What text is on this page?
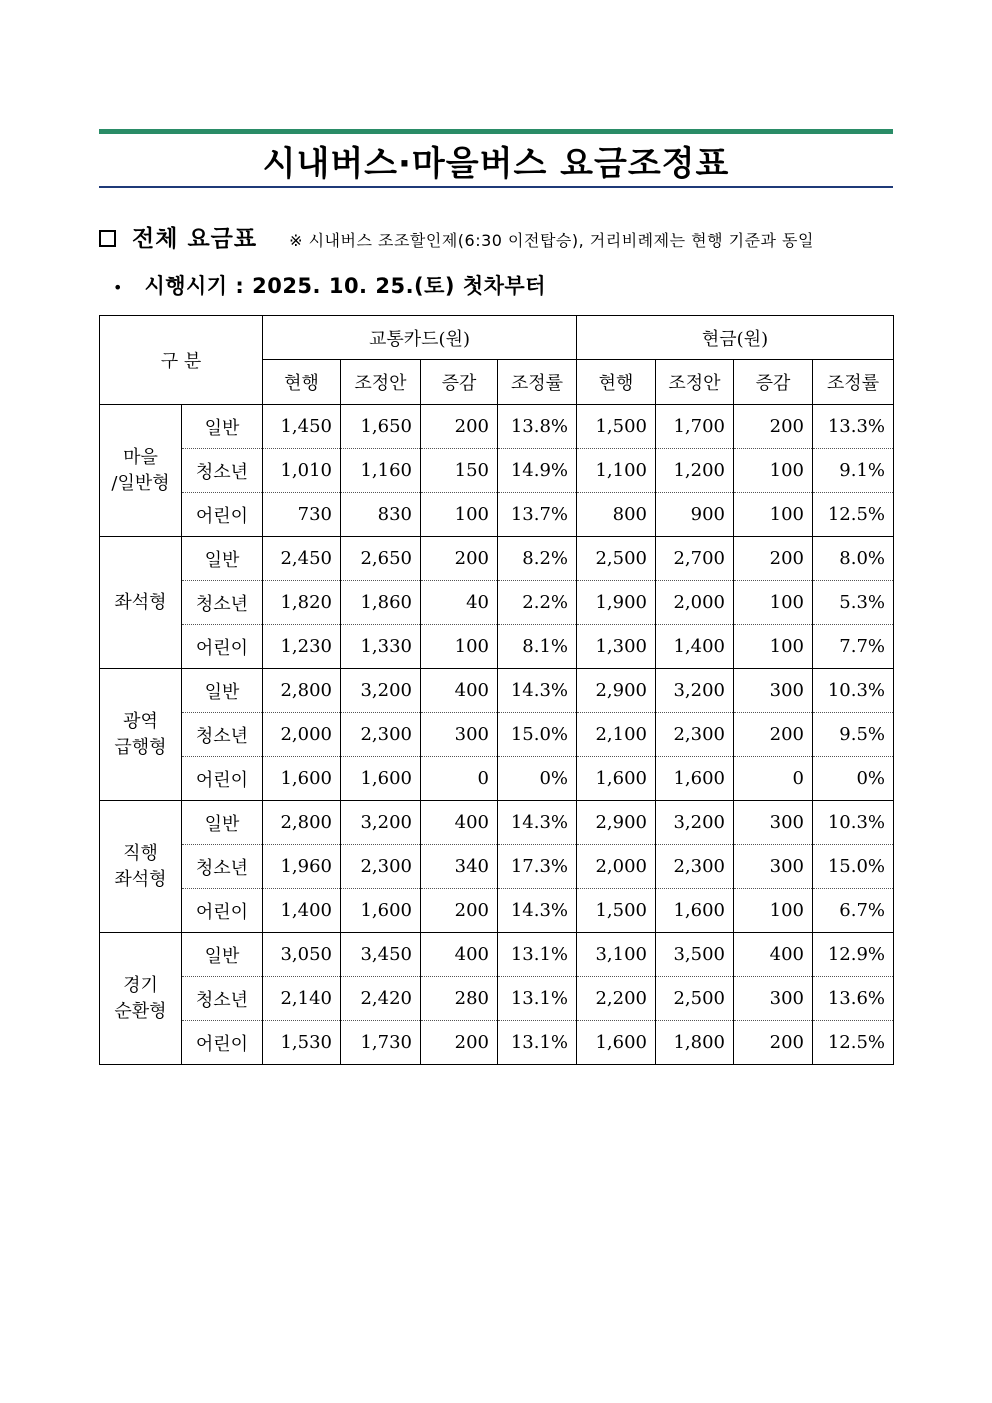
시내버스·마을버스 요금조정표
전체 요금표 ※ 시내버스 조조할인제(6:30 이전탑승), 거리비례제는 현행 기준과 동일
• 시행시기 : 2025. 10. 25.(토) 첫차부터
구 분		교통카드(원)				현금(원)			
		현행	조정안	증감	조정률	현행	조정안	증감	조정률

마을
/일반형	일반	1,450	1,650	200	13.8%	1,500	1,700	200	13.3%
	청소년	1,010	1,160	150	14.9%	1,100	1,200	100	9.1%
	어린이	730	830	100	13.7%	800	900	100	12.5%

좌석형	일반	2,450	2,650	200	8.2%	2,500	2,700	200	8.0%
	청소년	1,820	1,860	40	2.2%	1,900	2,000	100	5.3%
	어린이	1,230	1,330	100	8.1%	1,300	1,400	100	7.7%

광역
급행형	일반	2,800	3,200	400	14.3%	2,900	3,200	300	10.3%
	청소년	2,000	2,300	300	15.0%	2,100	2,300	200	9.5%
	어린이	1,600	1,600	0	0%	1,600	1,600	0	0%

직행
좌석형	일반	2,800	3,200	400	14.3%	2,900	3,200	300	10.3%
	청소년	1,960	2,300	340	17.3%	2,000	2,300	300	15.0%
	어린이	1,400	1,600	200	14.3%	1,500	1,600	100	6.7%

경기
순환형	일반	3,050	3,450	400	13.1%	3,100	3,500	400	12.9%
	청소년	2,140	2,420	280	13.1%	2,200	2,500	300	13.6%
	어린이	1,530	1,730	200	13.1%	1,600	1,800	200	12.5%
